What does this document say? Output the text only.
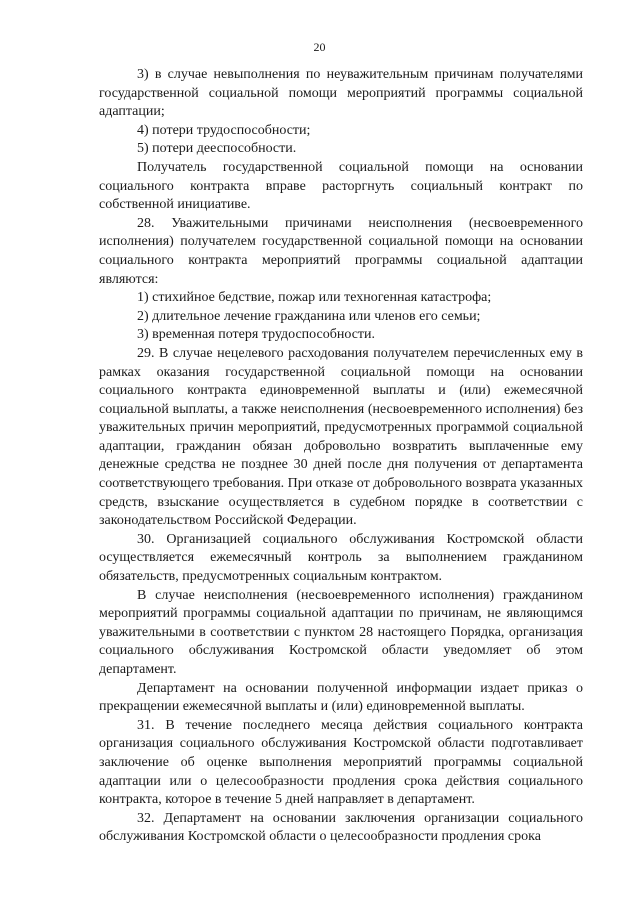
20

3) в случае невыполнения по неуважительным причинам получателями государственной социальной помощи мероприятий программы социальной адаптации;

4) потери трудоспособности;

5) потери дееспособности.

Получатель государственной социальной помощи на основании социального контракта вправе расторгнуть социальный контракт по собственной инициативе.

28. Уважительными причинами неисполнения (несвоевременного исполнения) получателем государственной социальной помощи на основании социального контракта мероприятий программы социальной адаптации являются:

1) стихийное бедствие, пожар или техногенная катастрофа;

2) длительное лечение гражданина или членов его семьи;

3) временная потеря трудоспособности.

29. В случае нецелевого расходования получателем перечисленных ему в рамках оказания государственной социальной помощи на основании социального контракта единовременной выплаты и (или) ежемесячной социальной выплаты, а также неисполнения (несвоевременного исполнения) без уважительных причин мероприятий, предусмотренных программой социальной адаптации, гражданин обязан добровольно возвратить выплаченные ему денежные средства не позднее 30 дней после дня получения от департамента соответствующего требования. При отказе от добровольного возврата указанных средств, взыскание осуществляется в судебном порядке в соответствии с законодательством Российской Федерации.

30. Организацией социального обслуживания Костромской области осуществляется ежемесячный контроль за выполнением гражданином обязательств, предусмотренных социальным контрактом.

В случае неисполнения (несвоевременного исполнения) гражданином мероприятий программы социальной адаптации по причинам, не являющимся уважительными в соответствии с пунктом 28 настоящего Порядка, организация социального обслуживания Костромской области уведомляет об этом департамент.

Департамент на основании полученной информации издает приказ о прекращении ежемесячной выплаты и (или) единовременной выплаты.

31. В течение последнего месяца действия социального контракта организация социального обслуживания Костромской области подготавливает заключение об оценке выполнения мероприятий программы социальной адаптации или о целесообразности продления срока действия социального контракта, которое в течение 5 дней направляет в департамент.

32. Департамент на основании заключения организации социального обслуживания Костромской области о целесообразности продления срока
